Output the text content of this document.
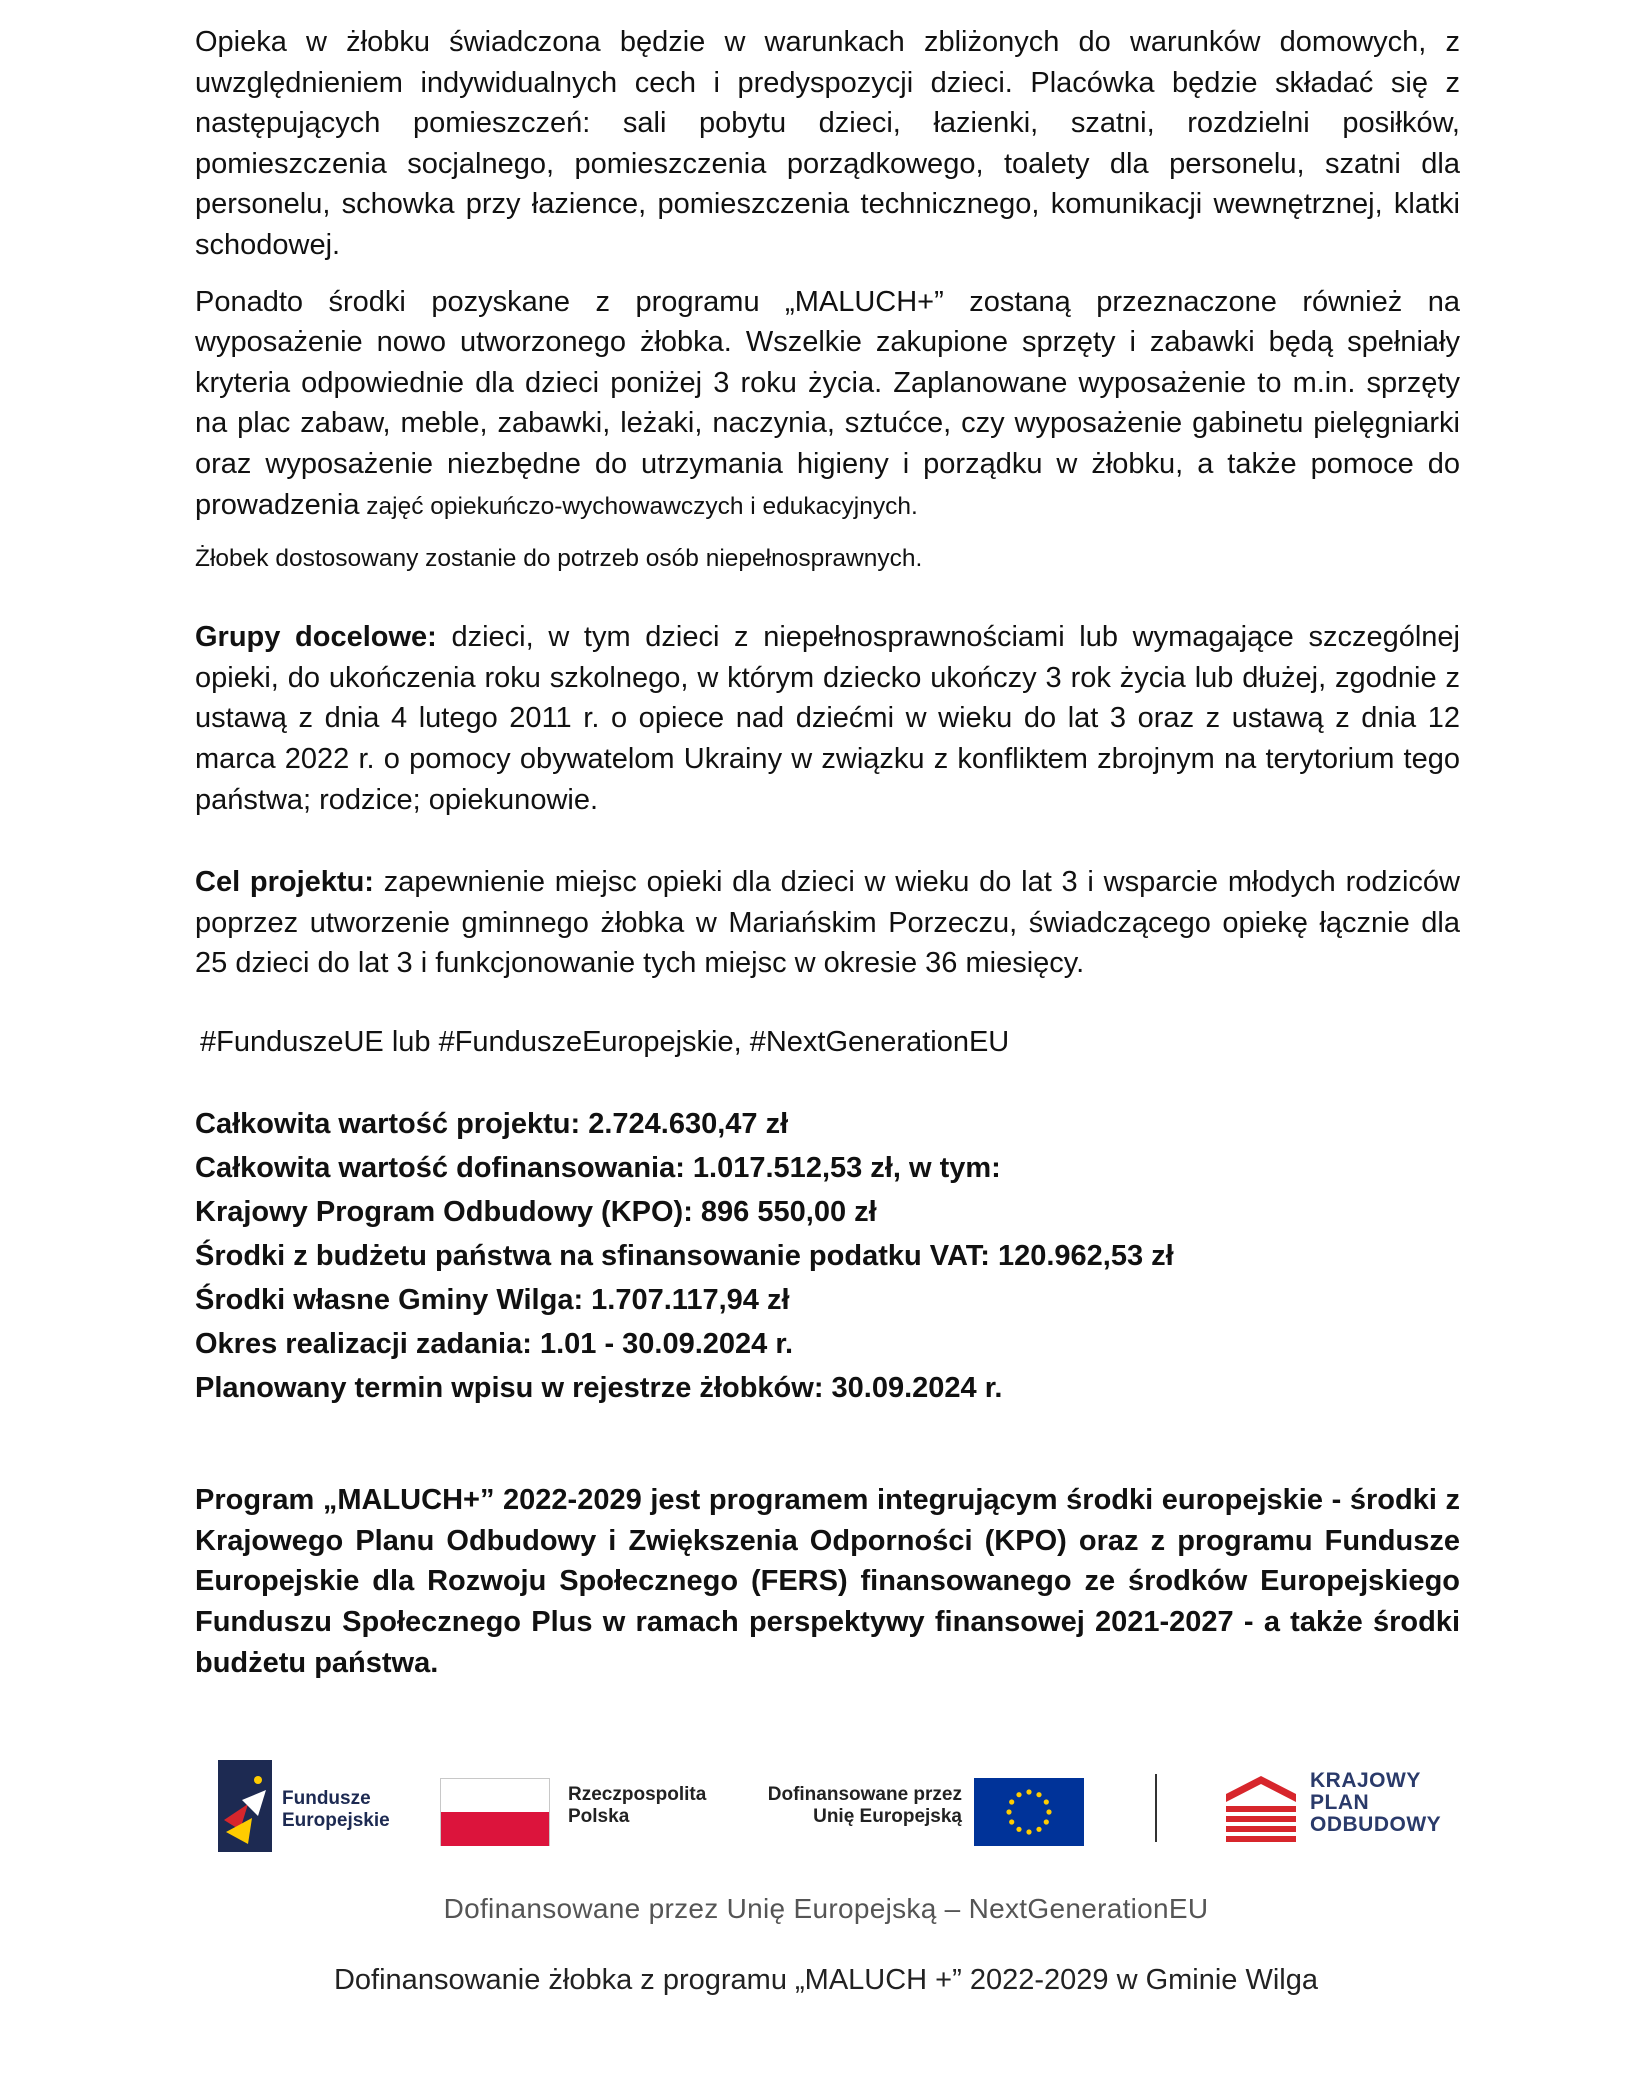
Opieka w żłobku świadczona będzie w warunkach zbliżonych do warunków domowych, z uwzględnieniem indywidualnych cech i predyspozycji dzieci. Placówka będzie składać się z następujących pomieszczeń: sali pobytu dzieci, łazienki, szatni, rozdzielni posiłków, pomieszczenia socjalnego, pomieszczenia porządkowego, toalety dla personelu, szatni dla personelu, schowka przy łazience, pomieszczenia technicznego, komunikacji wewnętrznej, klatki schodowej.

Ponadto środki pozyskane z programu „MALUCH+” zostaną przeznaczone również na wyposażenie nowo utworzonego żłobka. Wszelkie zakupione sprzęty i zabawki będą spełniały kryteria odpowiednie dla dzieci poniżej 3 roku życia. Zaplanowane wyposażenie to m.in. sprzęty na plac zabaw, meble, zabawki, leżaki, naczynia, sztućce, czy wyposażenie gabinetu pielęgniarki oraz wyposażenie niezbędne do utrzymania higieny i porządku w żłobku, a także pomoce do prowadzenia zajęć opiekuńczo-wychowawczych i edukacyjnych.

Żłobek dostosowany zostanie do potrzeb osób niepełnosprawnych.

Grupy docelowe: dzieci, w tym dzieci z niepełnosprawnościami lub wymagające szczególnej opieki, do ukończenia roku szkolnego, w którym dziecko ukończy 3 rok życia lub dłużej, zgodnie z ustawą z dnia 4 lutego 2011 r. o opiece nad dziećmi w wieku do lat 3 oraz z ustawą z dnia 12 marca 2022 r. o pomocy obywatelom Ukrainy w związku z konfliktem zbrojnym na terytorium tego państwa; rodzice; opiekunowie.

Cel projektu: zapewnienie miejsc opieki dla dzieci w wieku do lat 3 i wsparcie młodych rodziców poprzez utworzenie gminnego żłobka w Mariańskim Porzeczu, świadczącego opiekę łącznie dla 25 dzieci do lat 3 i funkcjonowanie tych miejsc w okresie 36 miesięcy.

#FunduszeUE lub #FunduszeEuropejskie, #NextGenerationEU
Całkowita wartość projektu: 2.724.630,47 zł
Całkowita wartość dofinansowania: 1.017.512,53 zł, w tym:
Krajowy Program Odbudowy (KPO): 896 550,00 zł
Środki z budżetu państwa na sfinansowanie podatku VAT: 120.962,53 zł
Środki własne Gminy Wilga: 1.707.117,94 zł
Okres realizacji zadania: 1.01 - 30.09.2024 r.
Planowany termin wpisu w rejestrze żłobków: 30.09.2024 r.
Program „MALUCH+” 2022-2029 jest programem integrującym środki europejskie - środki z Krajowego Planu Odbudowy i Zwiększenia Odporności (KPO) oraz z programu Fundusze Europejskie dla Rozwoju Społecznego (FERS) finansowanego ze środków Europejskiego Funduszu Społecznego Plus w ramach perspektywy finansowej 2021-2027 - a także środki budżetu państwa.
Fundusze
Europejskie
Rzeczpospolita
Polska
Dofinansowane przez
Unię Europejską
KRAJOWY
PLAN
ODBUDOWY
Dofinansowane przez Unię Europejską – NextGenerationEU
Dofinansowanie żłobka z programu „MALUCH +” 2022-2029 w Gminie Wilga
